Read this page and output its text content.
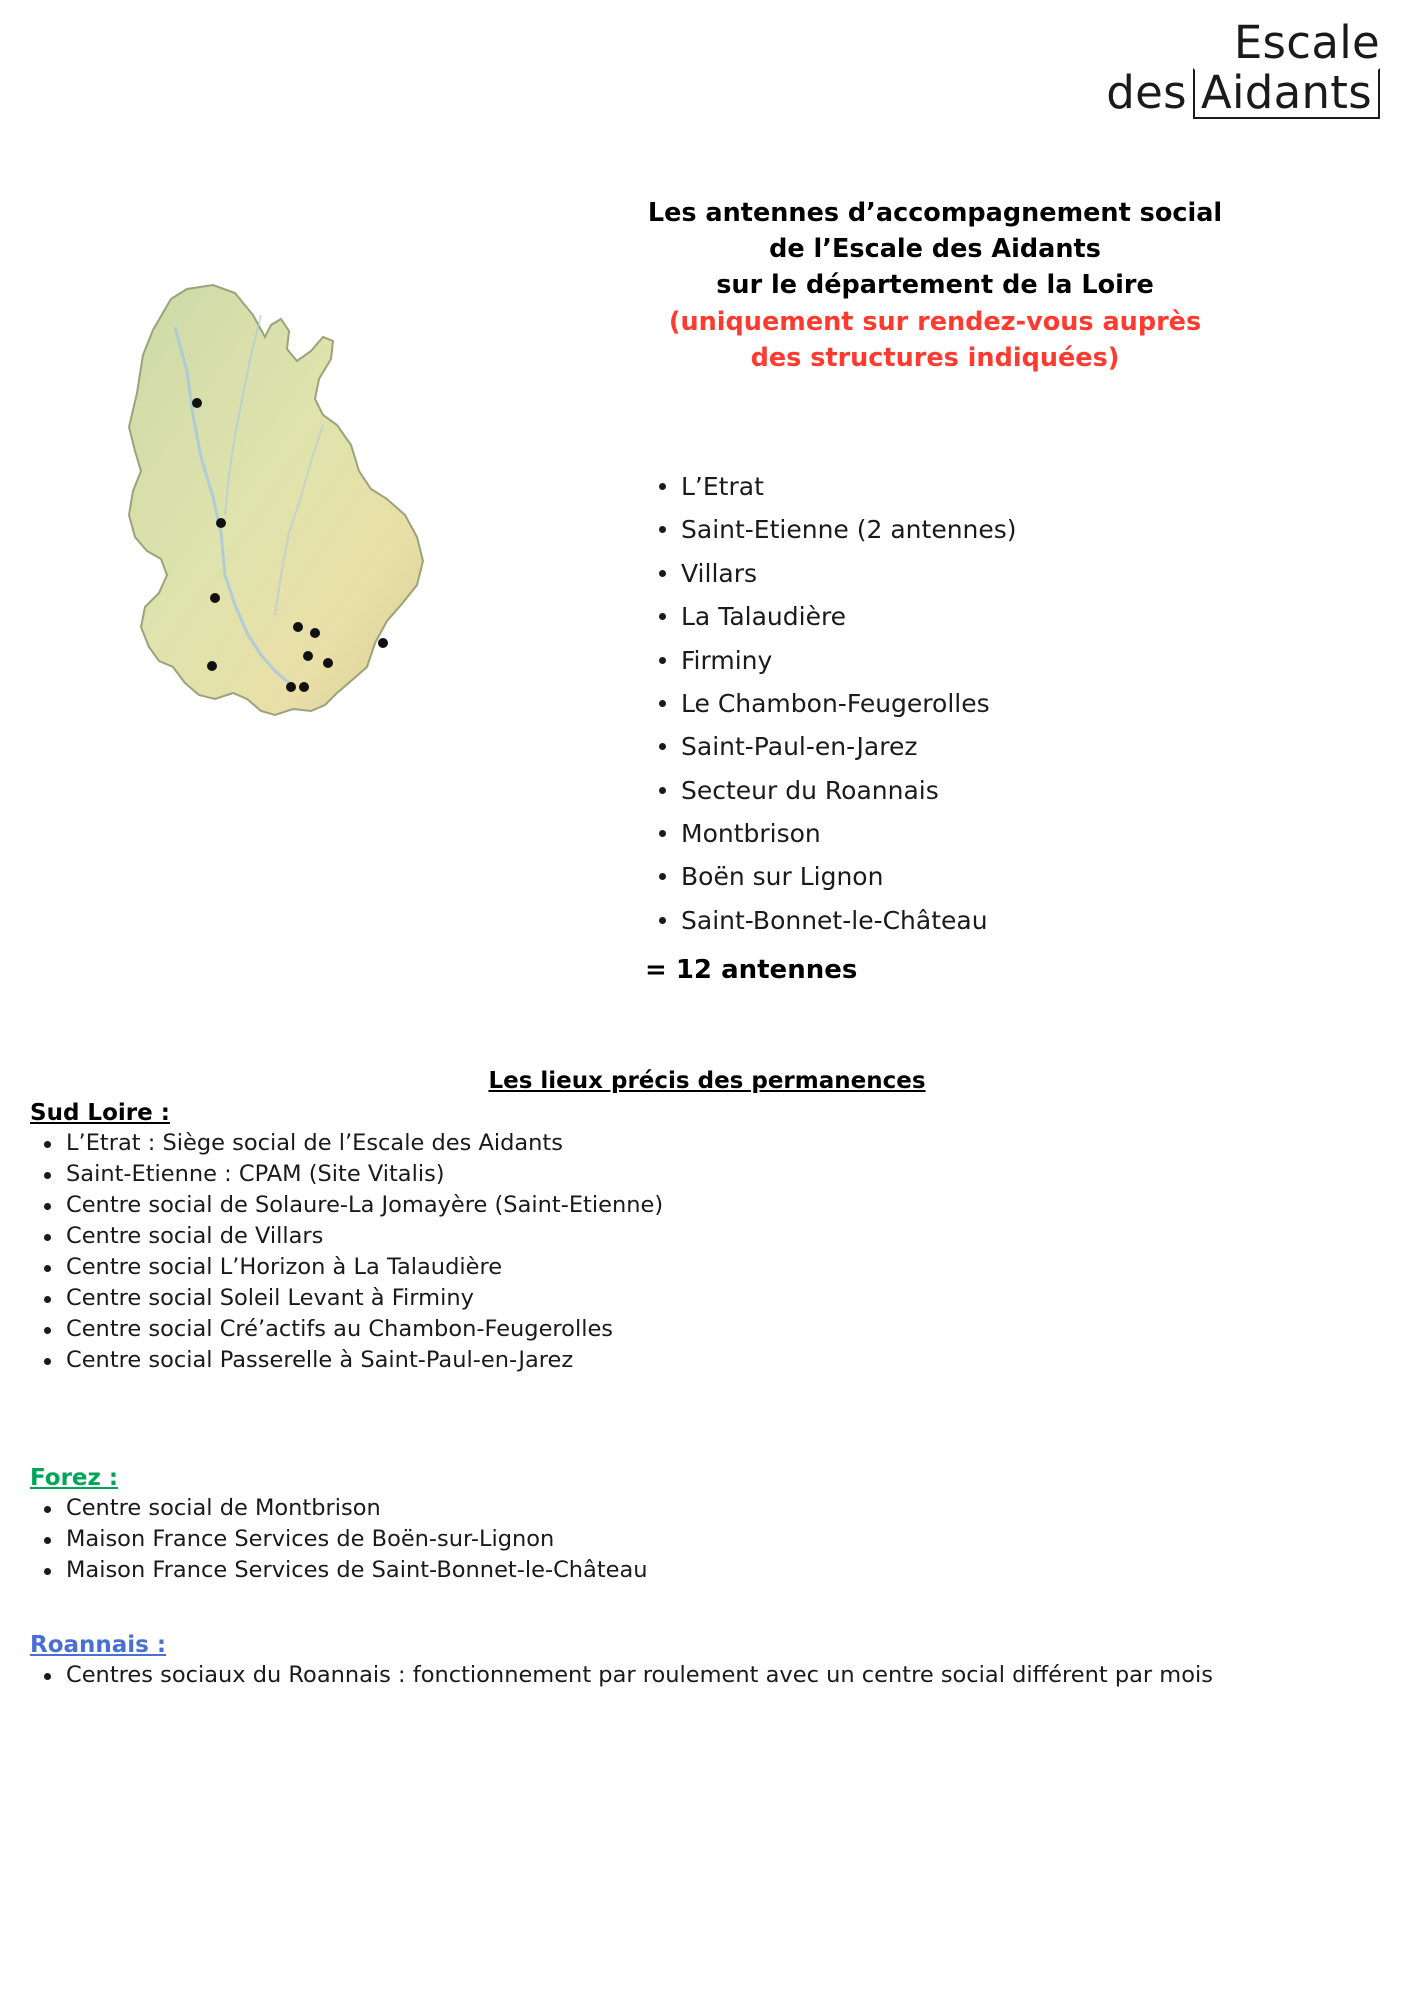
Escale
des Aidants
Les antennes d’accompagnement social
de l’Escale des Aidants
sur le département de la Loire
(uniquement sur rendez-vous auprès
des structures indiquées)
L’Etrat
Saint-Etienne (2 antennes)
Villars
La Talaudière
Firminy
Le Chambon-Feugerolles
Saint-Paul-en-Jarez
Secteur du Roannais
Montbrison
Boën sur Lignon
Saint-Bonnet-le-Château
= 12 antennes
Les lieux précis des permanences
Sud Loire :
L’Etrat : Siège social de l’Escale des Aidants
Saint-Etienne : CPAM (Site Vitalis)
Centre social de Solaure-La Jomayère (Saint-Etienne)
Centre social de Villars
Centre social L’Horizon à La Talaudière
Centre social Soleil Levant à Firminy
Centre social Cré’actifs au Chambon-Feugerolles
Centre social Passerelle à Saint-Paul-en-Jarez
Forez :
Centre social de Montbrison
Maison France Services de Boën-sur-Lignon
Maison France Services de Saint-Bonnet-le-Château
Roannais :
Centres sociaux du Roannais : fonctionnement par roulement avec un centre social différent par mois
